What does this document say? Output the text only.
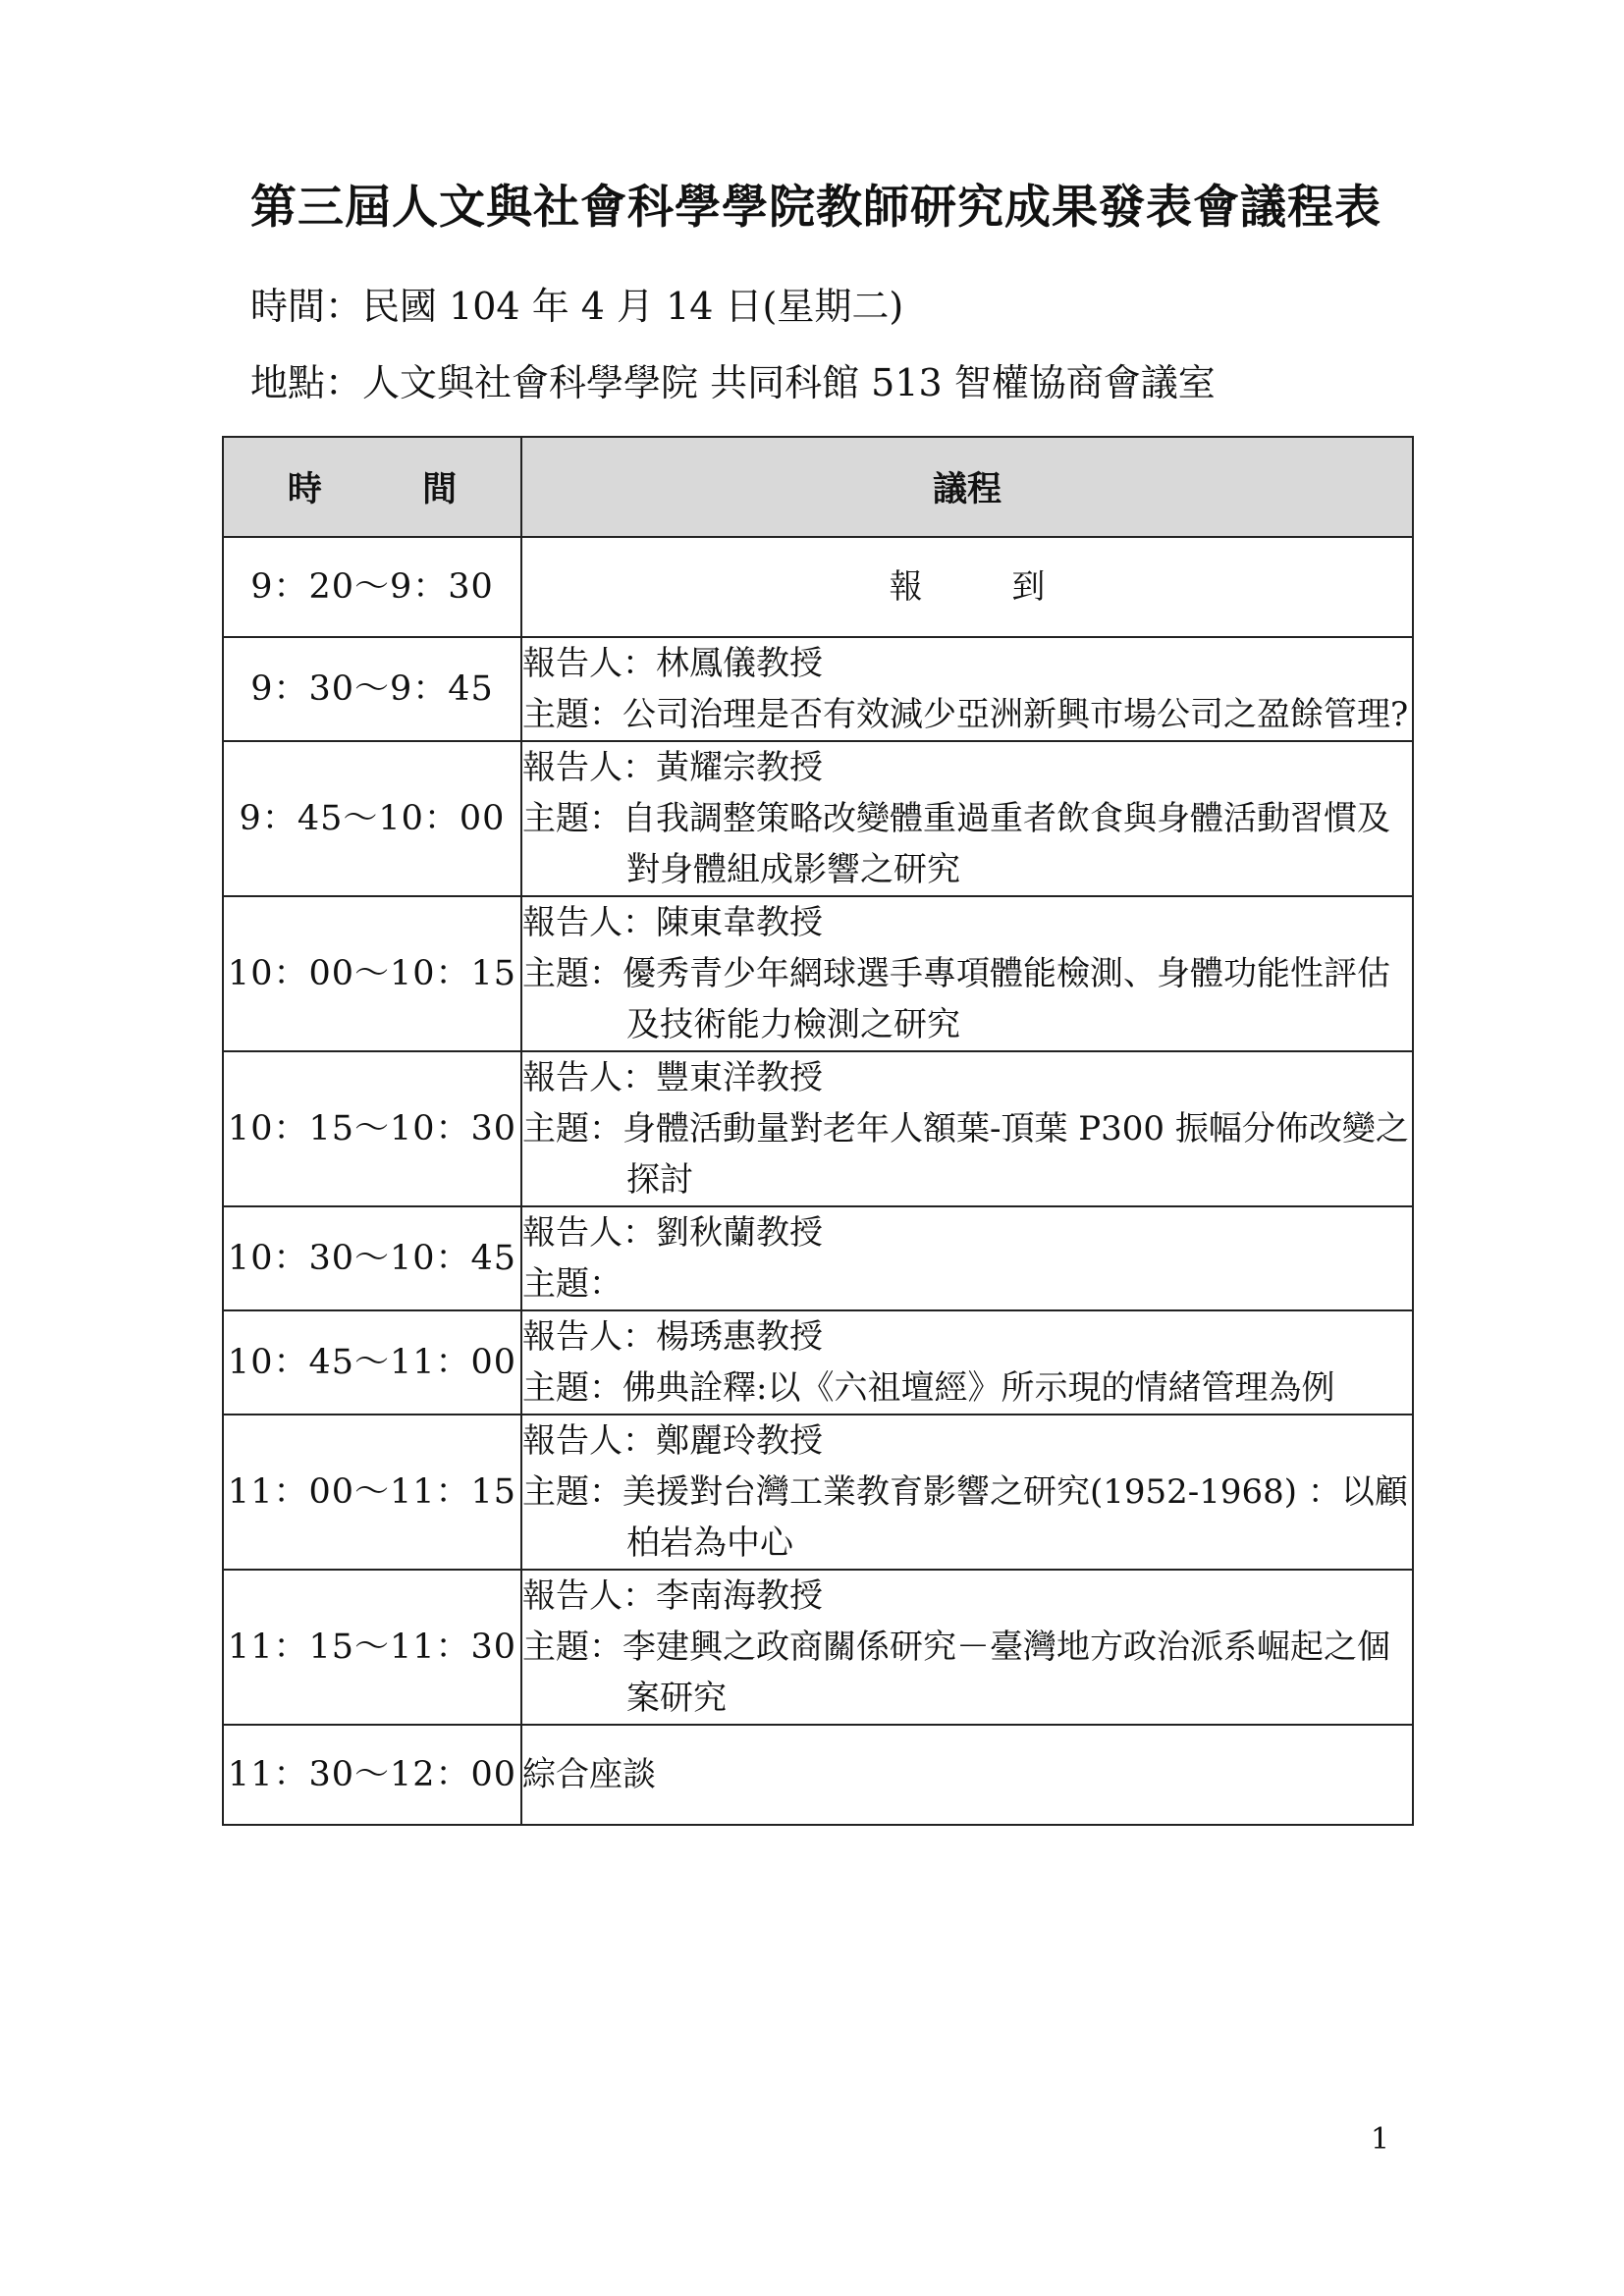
第三屆人文與社會科學學院教師研究成果發表會議程表
時間：民國 104 年 4 月 14 日(星期二)
地點：人文與社會科學學院 共同科館 513 智權協商會議室
時 間	議程
9：20～9：30	報 到
9：30～9：45	報告人：林鳳儀教授
主題：公司治理是否有效減少亞洲新興市場公司之盈餘管理?

9：45～10：00	報告人：黃耀宗教授
主題：自我調整策略改變體重過重者飲食與身體活動習慣及對身體組成影響之研究

10：00～10：15	報告人：陳東韋教授
主題：優秀青少年網球選手專項體能檢測、身體功能性評估及技術能力檢測之研究

10：15～10：30	報告人：豐東洋教授
主題：身體活動量對老年人額葉-頂葉 P300 振幅分佈改變之探討

10：30～10：45	報告人：劉秋蘭教授
主題：

10：45～11：00	報告人：楊琇惠教授
主題：佛典詮釋:以《六祖壇經》所示現的情緒管理為例

11：00～11：15	報告人：鄭麗玲教授
主題：美援對台灣工業教育影響之研究(1952-1968) ：以顧柏岩為中心

11：15～11：30	報告人：李南海教授
主題：李建興之政商關係研究－臺灣地方政治派系崛起之個案研究

11：30～12：00	綜合座談
1
